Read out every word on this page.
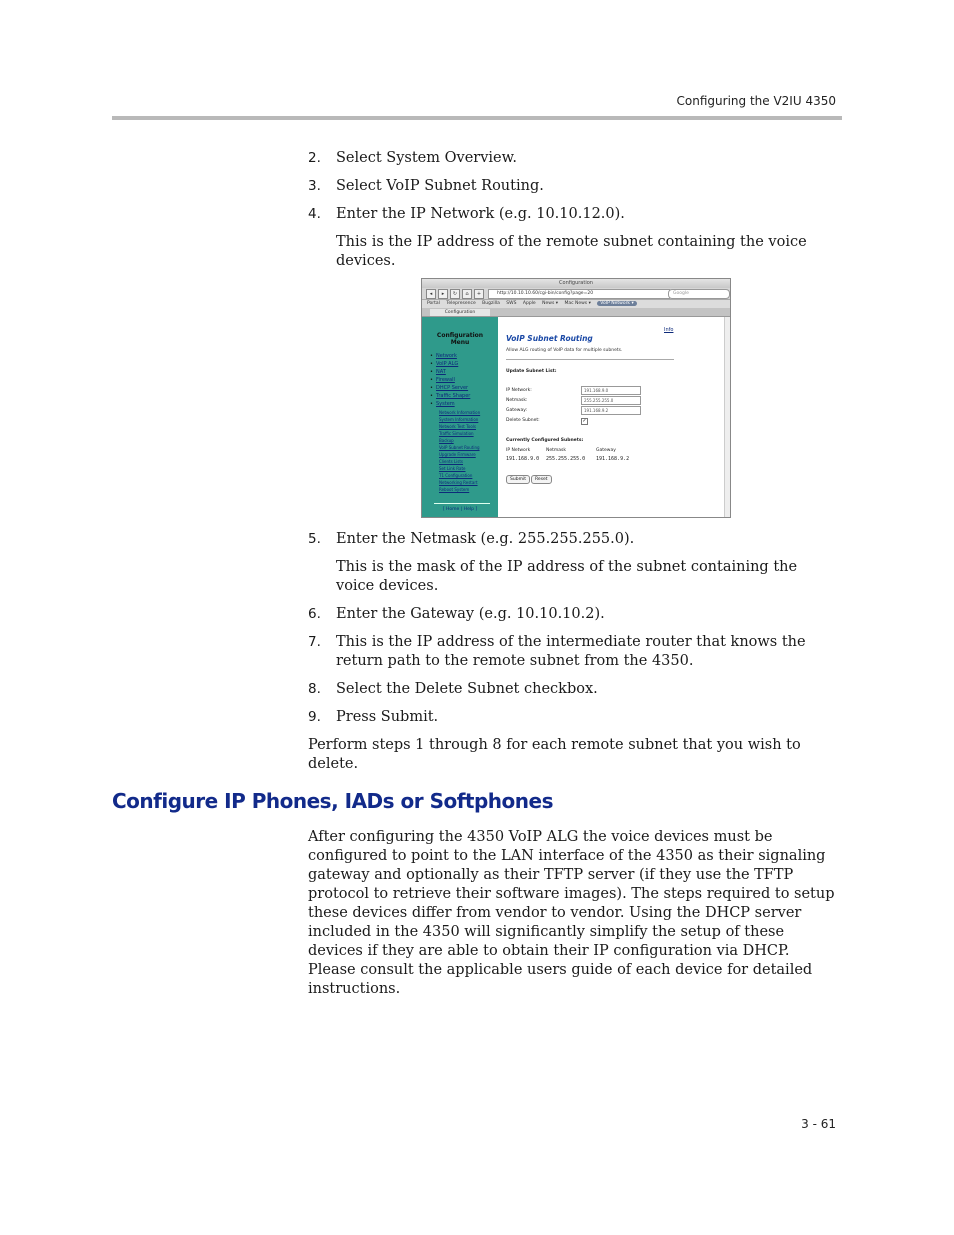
Configuring the V2IU 4350
2. Select System Overview.
3. Select VoIP Subnet Routing.
4. Enter the IP Network (e.g. 10.10.12.0).
This is the IP address of the remote subnet containing the voice devices.
Configuration
◂	▸	↻	⌂	+	http://10.10.10.60/cgi-bin/config?page=20	Google
Portal Telepresence Bugzilla SWS Apple News ▾ Mac News ▾ VoIP Network ▾
Configuration
Configuration
Menu
• Network
• VoIP ALG
• NAT
• Firewall
• DHCP Server
• Traffic Shaper
• System
Network Information
System Information
Network Test Tools
Traffic Simulation
Backup
VoIP Subnet Routing
Upgrade Firmware
Clients Lists
Set Link Rate
T1 Configuration
Networking Restart
Reboot System
[ Home | Help ]
Info
VoIP Subnet Routing
Allow ALG routing of VoIP data for multiple subnets.
Update Subnet List:
IP Network:	191.168.9.0
Netmask:	255.255.255.0
Gateway:	191.168.9.2
Delete Subnet:	✓
Currently Configured Subnets:
IP Network	Netmask	Gateway
191.168.9.0 255.255.255.0 191.168.9.2
Submit	Reset
5. Enter the Netmask (e.g. 255.255.255.0).
This is the mask of the IP address of the subnet containing the voice devices.
6. Enter the Gateway (e.g. 10.10.10.2).
7. This is the IP address of the intermediate router that knows the return path to the remote subnet from the 4350.
8. Select the Delete Subnet checkbox.
9. Press Submit.
Perform steps 1 through 8 for each remote subnet that you wish to delete.
Configure IP Phones, IADs or Softphones
After configuring the 4350 VoIP ALG the voice devices must be configured to point to the LAN interface of the 4350 as their signaling gateway and optionally as their TFTP server (if they use the TFTP protocol to retrieve their software images). The steps required to setup these devices differ from vendor to vendor. Using the DHCP server included in the 4350 will significantly simplify the setup of these devices if they are able to obtain their IP configuration via DHCP. Please consult the applicable users guide of each device for detailed instructions.
3 - 61
